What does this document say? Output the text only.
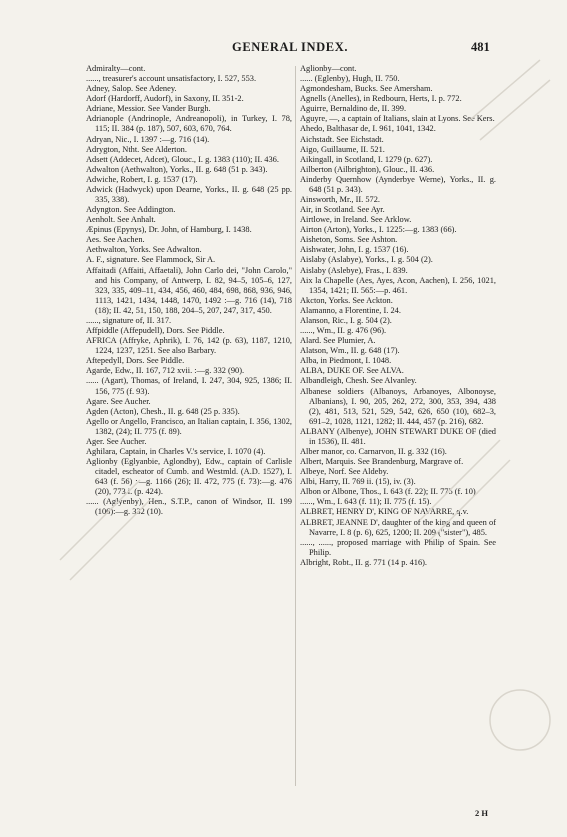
GENERAL INDEX.	481

Admiralty—cont.

......, treasurer's account unsatisfactory, I. 527, 553.

Adney, Salop. See Adeney.

Adorf (Hardorff, Audorf), in Saxony, II. 351-2.

Adriane, Messior. See Vander Burgh.

Adrianople (Andrinople, Andreanopoli), in Turkey, I. 78, 115; II. 384 (p. 187), 507, 603, 670, 764.

Adryan, Nic., I. 1397 :—g. 716 (14).

Adrygton, Ntht. See Alderton.

Adsett (Addecet, Adcet), Glouc., I. g. 1383 (110); II. 436.

Adwalton (Aethwalton), Yorks., II. g. 648 (51 p. 343).

Adwiche, Robert, I. g. 1537 (17).

Adwick (Hadwyck) upon Dearne, Yorks., II. g. 648 (25 pp. 335, 338).

Adyngton. See Addington.

Aenholt. See Anhalt.

Æpinus (Epynys), Dr. John, of Hamburg, I. 1438.

Aes. See Aachen.

Aethwalton, Yorks. See Adwalton.

A. F., signature. See Flammock, Sir A.

Affaitadi (Affaiti, Affaetali), John Carlo dei, "John Carolo," and his Company, of Antwerp, I. 82, 94–5, 105–6, 127, 323, 335, 409–11, 434, 456, 460, 484, 698, 868, 936, 946, 1113, 1421, 1434, 1448, 1470, 1492 :—g. 716 (14), 718 (18); II. 42, 51, 150, 188, 204–5, 207, 247, 317, 450.

......, signature of, II. 317.

Affpiddle (Affepudell), Dors. See Piddle.

AFRICA (Affryke, Aphrik), I. 76, 142 (p. 63), 1187, 1210, 1224, 1237, 1251. See also Barbary.

Aftepedyll, Dors. See Piddle.

Agarde, Edw., II. 167, 712 xvii. :—g. 332 (90).

...... (Agart), Thomas, of Ireland, I. 247, 304, 925, 1386; II. 156, 775 (f. 93).

Agare. See Aucher.

Agden (Acton), Chesh., II. g. 648 (25 p. 335).

Agello or Angello, Francisco, an Italian captain, I. 356, 1302, 1382, (24); II. 775 (f. 89).

Ager. See Aucher.

Aghilara, Captain, in Charles V.'s service, I. 1070 (4).

Aglionby (Eglyanbie, Aglondby), Edw., captain of Carlisle citadel, escheator of Cumb. and Westmld. (A.D. 1527), I. 643 (f. 56) :—g. 1166 (26); II. 472, 775 (f. 73):—g. 476 (20), 773 i. (p. 424).

...... (Aglyenby), Hen., S.T.P., canon of Windsor, II. 199 (106):—g. 332 (10).

Aglionby—cont.

...... (Eglenby), Hugh, II. 750.

Agmondesham, Bucks. See Amersham.

Agnells (Anelles), in Redbourn, Herts, I. p. 772.

Aguirre, Bernaldino de, II. 399.

Aguyre, —, a captain of Italians, slain at Lyons. See Kers.

Ahedo, Balthasar de, I. 961, 1041, 1342.

Aichstadt. See Eichstadt.

Aigo, Guillaume, II. 521.

Aikingall, in Scotland, I. 1279 (p. 627).

Ailberton (Ailbrighton), Glouc., II. 436.

Ainderby Quernhow (Aynderbye Werne), Yorks., II. g. 648 (51 p. 343).

Ainsworth, Mr., II. 572.

Air, in Scotland. See Ayr.

Airtlowe, in Ireland. See Arklow.

Airton (Arton), Yorks., I. 1225:—g. 1383 (66).

Aisheton, Soms. See Ashton.

Aishwater, John, I. g. 1537 (16).

Aislaby (Aslabye), Yorks., I. g. 504 (2).

Aislaby (Aslebye), Fras., I. 839.

Aix la Chapelle (Aes, Ayes, Acon, Aachen), I. 256, 1021, 1354, 1421; II. 565:—p. 461.

Akcton, Yorks. See Ackton.

Alamanno, a Florentine, I. 24.

Alanson, Ric., I. g. 504 (2).

......, Wm., II. g. 476 (96).

Alard. See Plumier, A.

Alatson, Wm., II. g. 648 (17).

Alba, in Piedmont, I. 1048.

ALBA, DUKE OF. See ALVA.

Albandleigh, Chesh. See Alvanley.

Albanese soldiers (Albanoys, Arbanoyes, Albonoyse, Albanians), I. 90, 205, 262, 272, 300, 353, 394, 438 (2), 481, 513, 521, 529, 542, 626, 650 (10), 682–3, 691–2, 1028, 1121, 1282; II. 444, 457 (p. 216), 682.

ALBANY (Albenye), JOHN STEWART DUKE OF (died in 1536), II. 481.

Alber manor, co. Carnarvon, II. g. 332 (16).

Albert, Marquis. See Brandenburg, Margrave of.

Albeye, Norf. See Aldeby.

Albi, Harry, II. 769 ii. (15), iv. (3).

Albon or Albone, Thos., I. 643 (f. 22); II. 775 (f. 10).

......, Wm., I. 643 (f. 11); II. 775 (f. 15).

ALBRET, HENRY D', KING OF NAVARRE, q.v.

ALBRET, JEANNE D', daughter of the king and queen of Navarre, I. 8 (p. 6), 625, 1200; II. 209 ("sister"), 485.

......, ......, proposed marriage with Philip of Spain. See Philip.

Albright, Robt., II. g. 771 (14 p. 416).

2 H
